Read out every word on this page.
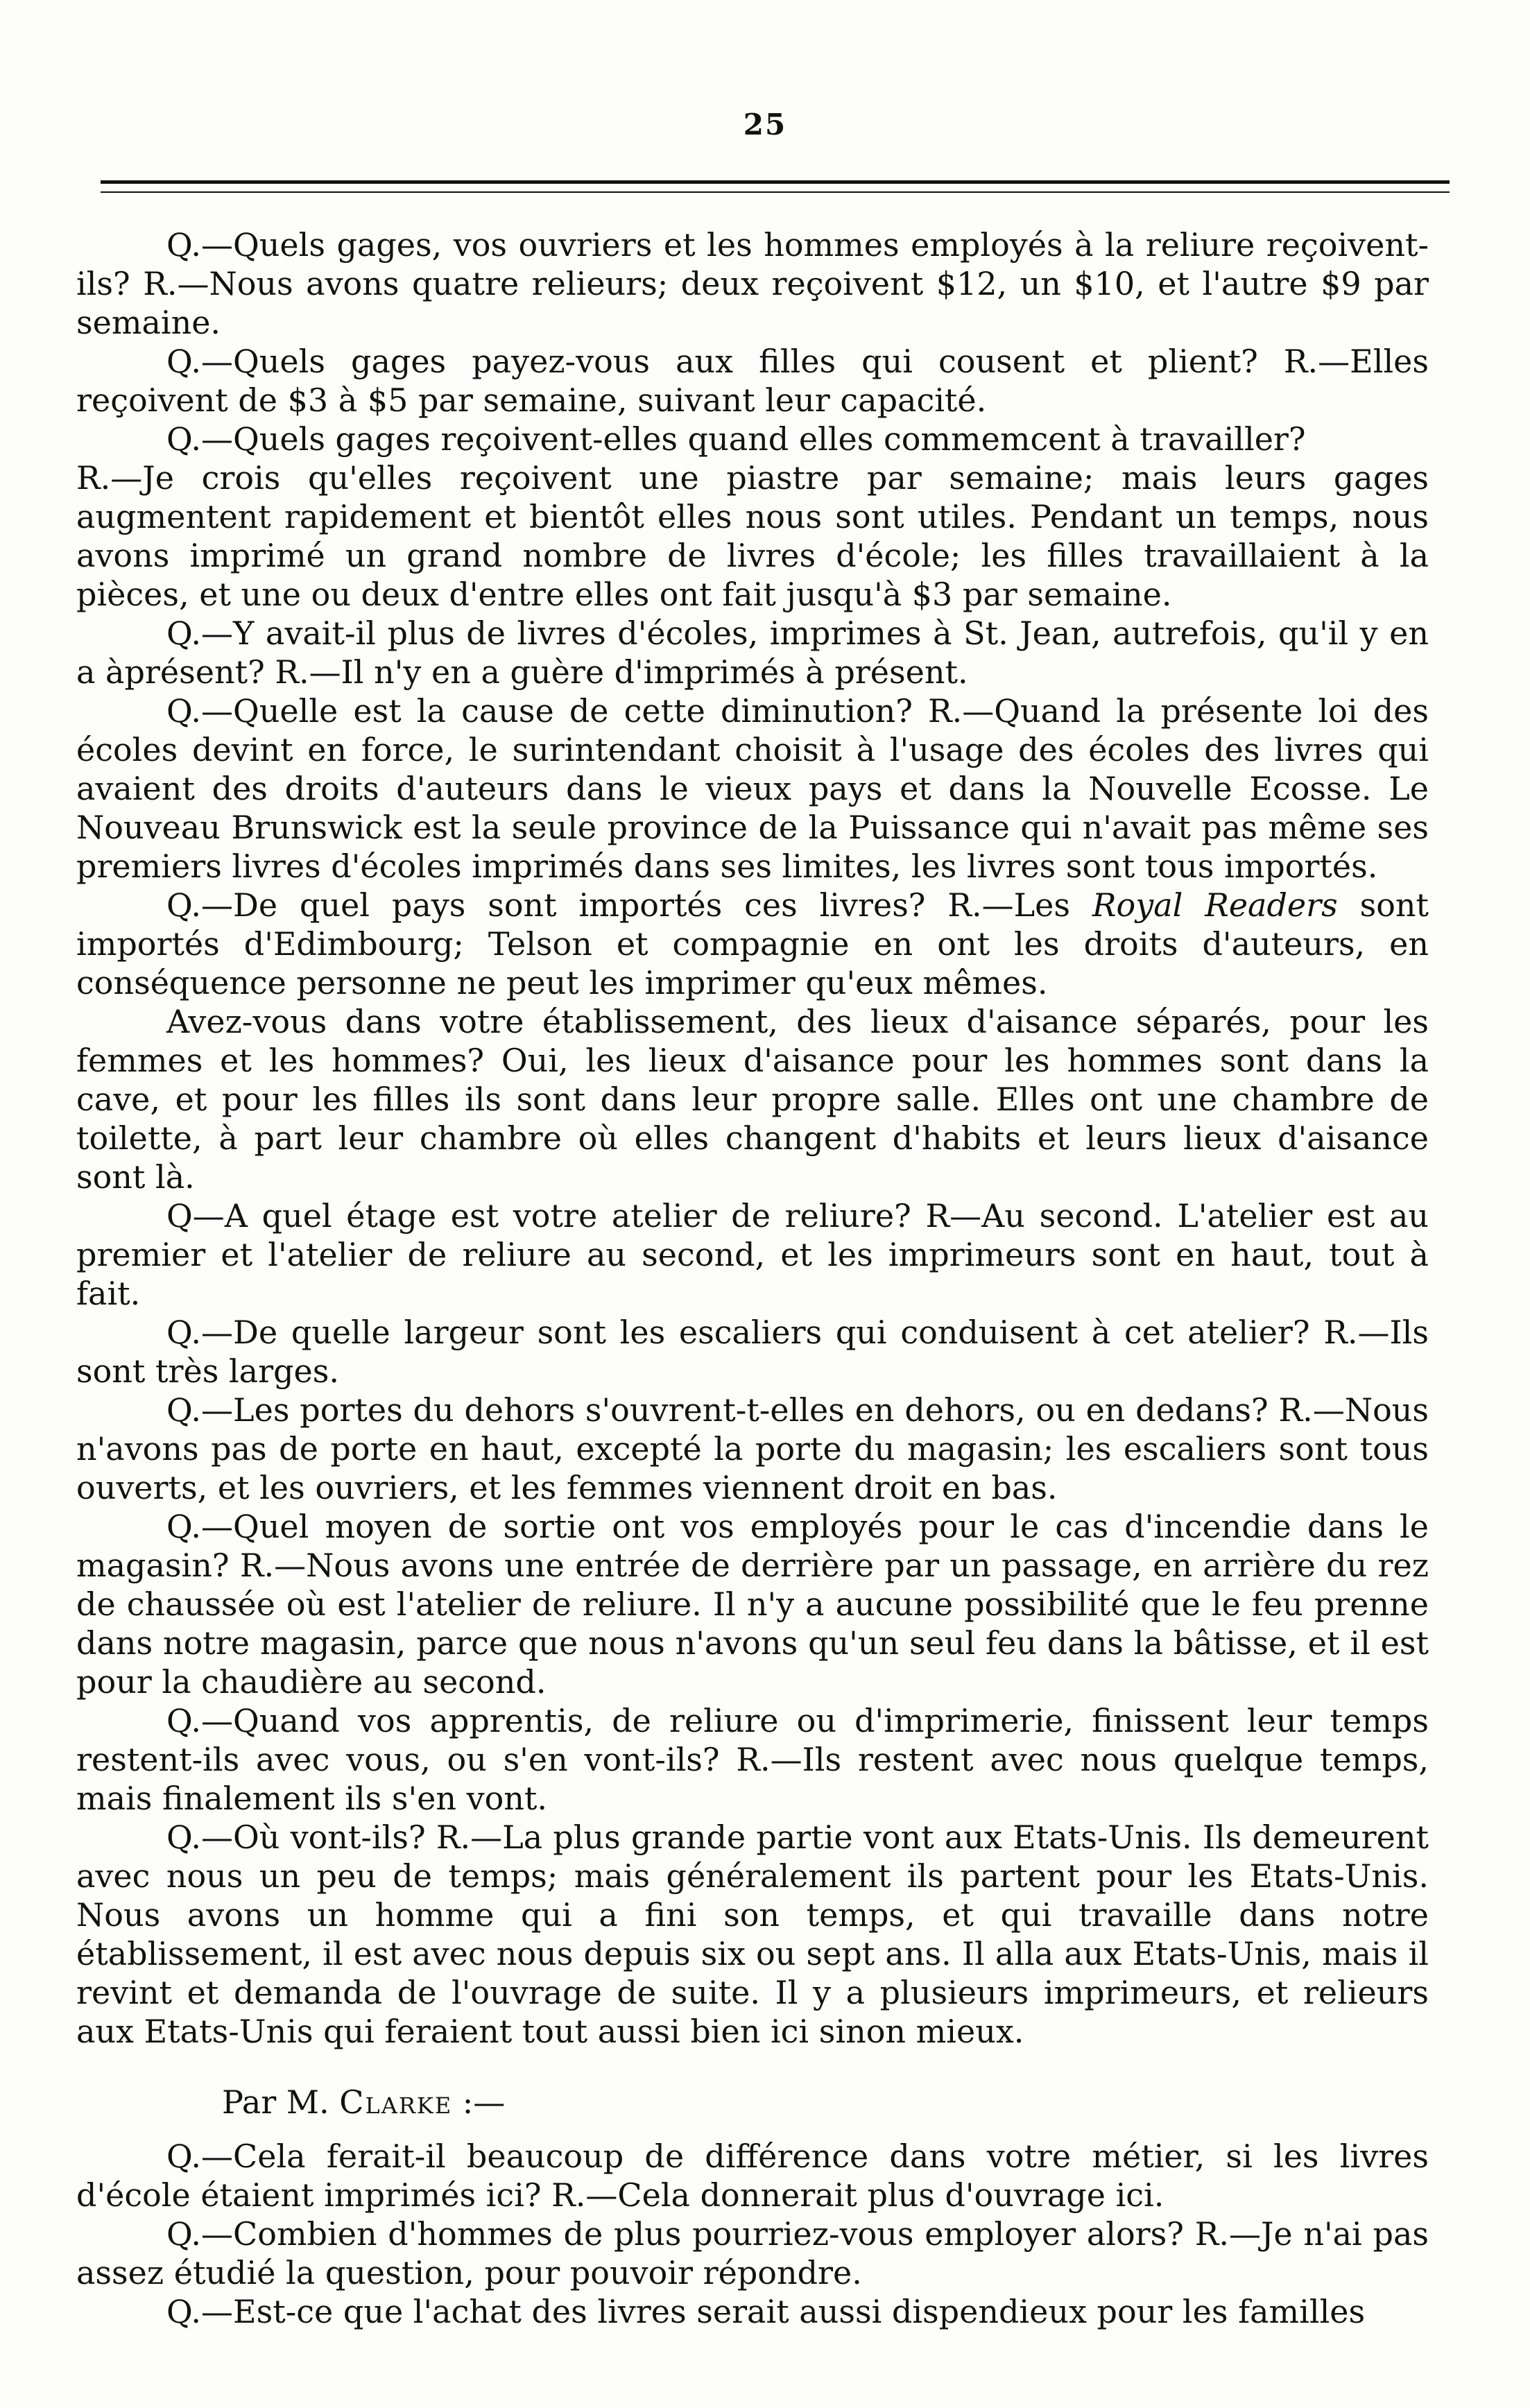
25

Q.—Quels gages, vos ouvriers et les hommes employés à la reliure reçoivent-ils? R.—Nous avons quatre relieurs; deux reçoivent $12, un $10, et l'autre $9 par semaine.

Q.—Quels gages payez-vous aux filles qui cousent et plient? R.—Elles reçoivent de $3 à $5 par semaine, suivant leur capacité.

Q.—Quels gages reçoivent-elles quand elles commemcent à travailler?
R.—Je crois qu'elles reçoivent une piastre par semaine; mais leurs gages augmentent rapidement et bientôt elles nous sont utiles. Pendant un temps, nous avons imprimé un grand nombre de livres d'école; les filles travaillaient à la pièces, et une ou deux d'entre elles ont fait jusqu'à $3 par semaine.

Q.—Y avait-il plus de livres d'écoles, imprimes à St. Jean, autrefois, qu'il y en a àprésent? R.—Il n'y en a guère d'imprimés à présent.

Q.—Quelle est la cause de cette diminution? R.—Quand la présente loi des écoles devint en force, le surintendant choisit à l'usage des écoles des livres qui avaient des droits d'auteurs dans le vieux pays et dans la Nouvelle Ecosse. Le Nouveau Brunswick est la seule province de la Puissance qui n'avait pas même ses premiers livres d'écoles imprimés dans ses limites, les livres sont tous importés.

Q.—De quel pays sont importés ces livres? R.—Les Royal Readers sont importés d'Edimbourg; Telson et compagnie en ont les droits d'auteurs, en conséquence personne ne peut les imprimer qu'eux mêmes.

Avez-vous dans votre établissement, des lieux d'aisance séparés, pour les femmes et les hommes? Oui, les lieux d'aisance pour les hommes sont dans la cave, et pour les filles ils sont dans leur propre salle. Elles ont une chambre de toilette, à part leur chambre où elles changent d'habits et leurs lieux d'aisance sont là.

Q—A quel étage est votre atelier de reliure? R—Au second. L'atelier est au premier et l'atelier de reliure au second, et les imprimeurs sont en haut, tout à fait.

Q.—De quelle largeur sont les escaliers qui conduisent à cet atelier? R.—Ils sont très larges.

Q.—Les portes du dehors s'ouvrent-t-elles en dehors, ou en dedans? R.—Nous n'avons pas de porte en haut, excepté la porte du magasin; les escaliers sont tous ouverts, et les ouvriers, et les femmes viennent droit en bas.

Q.—Quel moyen de sortie ont vos employés pour le cas d'incendie dans le magasin? R.—Nous avons une entrée de derrière par un passage, en arrière du rez de chaussée où est l'atelier de reliure. Il n'y a aucune possibilité que le feu prenne dans notre magasin, parce que nous n'avons qu'un seul feu dans la bâtisse, et il est pour la chaudière au second.

Q.—Quand vos apprentis, de reliure ou d'imprimerie, finissent leur temps restent-ils avec vous, ou s'en vont-ils? R.—Ils restent avec nous quelque temps, mais finalement ils s'en vont.

Q.—Où vont-ils? R.—La plus grande partie vont aux Etats-Unis. Ils demeurent avec nous un peu de temps; mais généralement ils partent pour les Etats-Unis. Nous avons un homme qui a fini son temps, et qui travaille dans notre établissement, il est avec nous depuis six ou sept ans. Il alla aux Etats-Unis, mais il revint et demanda de l'ouvrage de suite. Il y a plusieurs imprimeurs, et relieurs aux Etats-Unis qui feraient tout aussi bien ici sinon mieux.

Par M. Clarke :—

Q.—Cela ferait-il beaucoup de différence dans votre métier, si les livres d'école étaient imprimés ici? R.—Cela donnerait plus d'ouvrage ici.

Q.—Combien d'hommes de plus pourriez-vous employer alors? R.—Je n'ai pas assez étudié la question, pour pouvoir répondre.

Q.—Est-ce que l'achat des livres serait aussi dispendieux pour les familles
